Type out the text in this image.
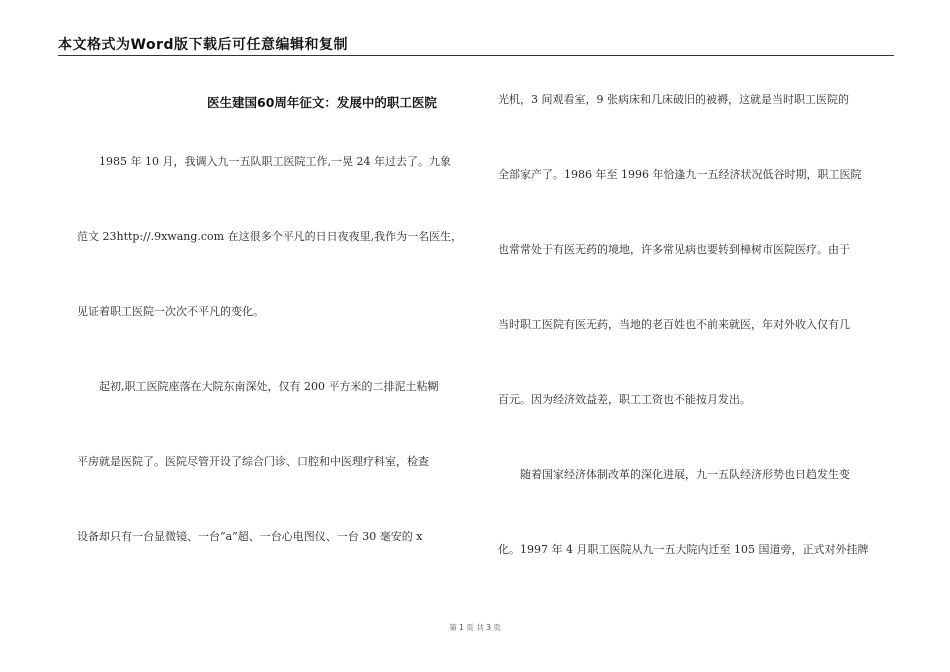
本文格式为Word版下载后可任意编辑和复制
医生建国60周年征文：发展中的职工医院
1985 年 10 月，我调入九一五队职工医院工作,一晃 24 年过去了。九象
范文 23http://.9xwang.com 在这很多个平凡的日日夜夜里,我作为一名医生，
见证着职工医院一次次不平凡的变化。
起初,职工医院座落在大院东南深处，仅有 200 平方米的二排泥土粘糊
平房就是医院了。医院尽管开设了综合门诊、口腔和中医理疗科室，检查
设备却只有一台显微镜、一台“a”超、一台心电图仪、一台 30 毫安的 x
光机，3 间观看室，9 张病床和几床破旧的被褥，这就是当时职工医院的
全部家产了。1986 年至 1996 年恰逢九一五经济状况低谷时期，职工医院
也常常处于有医无药的境地，许多常见病也要转到樟树市医院医疗。由于
当时职工医院有医无药，当地的老百姓也不前来就医，年对外收入仅有几
百元。因为经济效益差，职工工资也不能按月发出。
随着国家经济体制改革的深化进展，九一五队经济形势也日趋发生变
化。1997 年 4 月职工医院从九一五大院内迁至 105 国道旁，正式对外挂牌
第 1 页 共 3 页
